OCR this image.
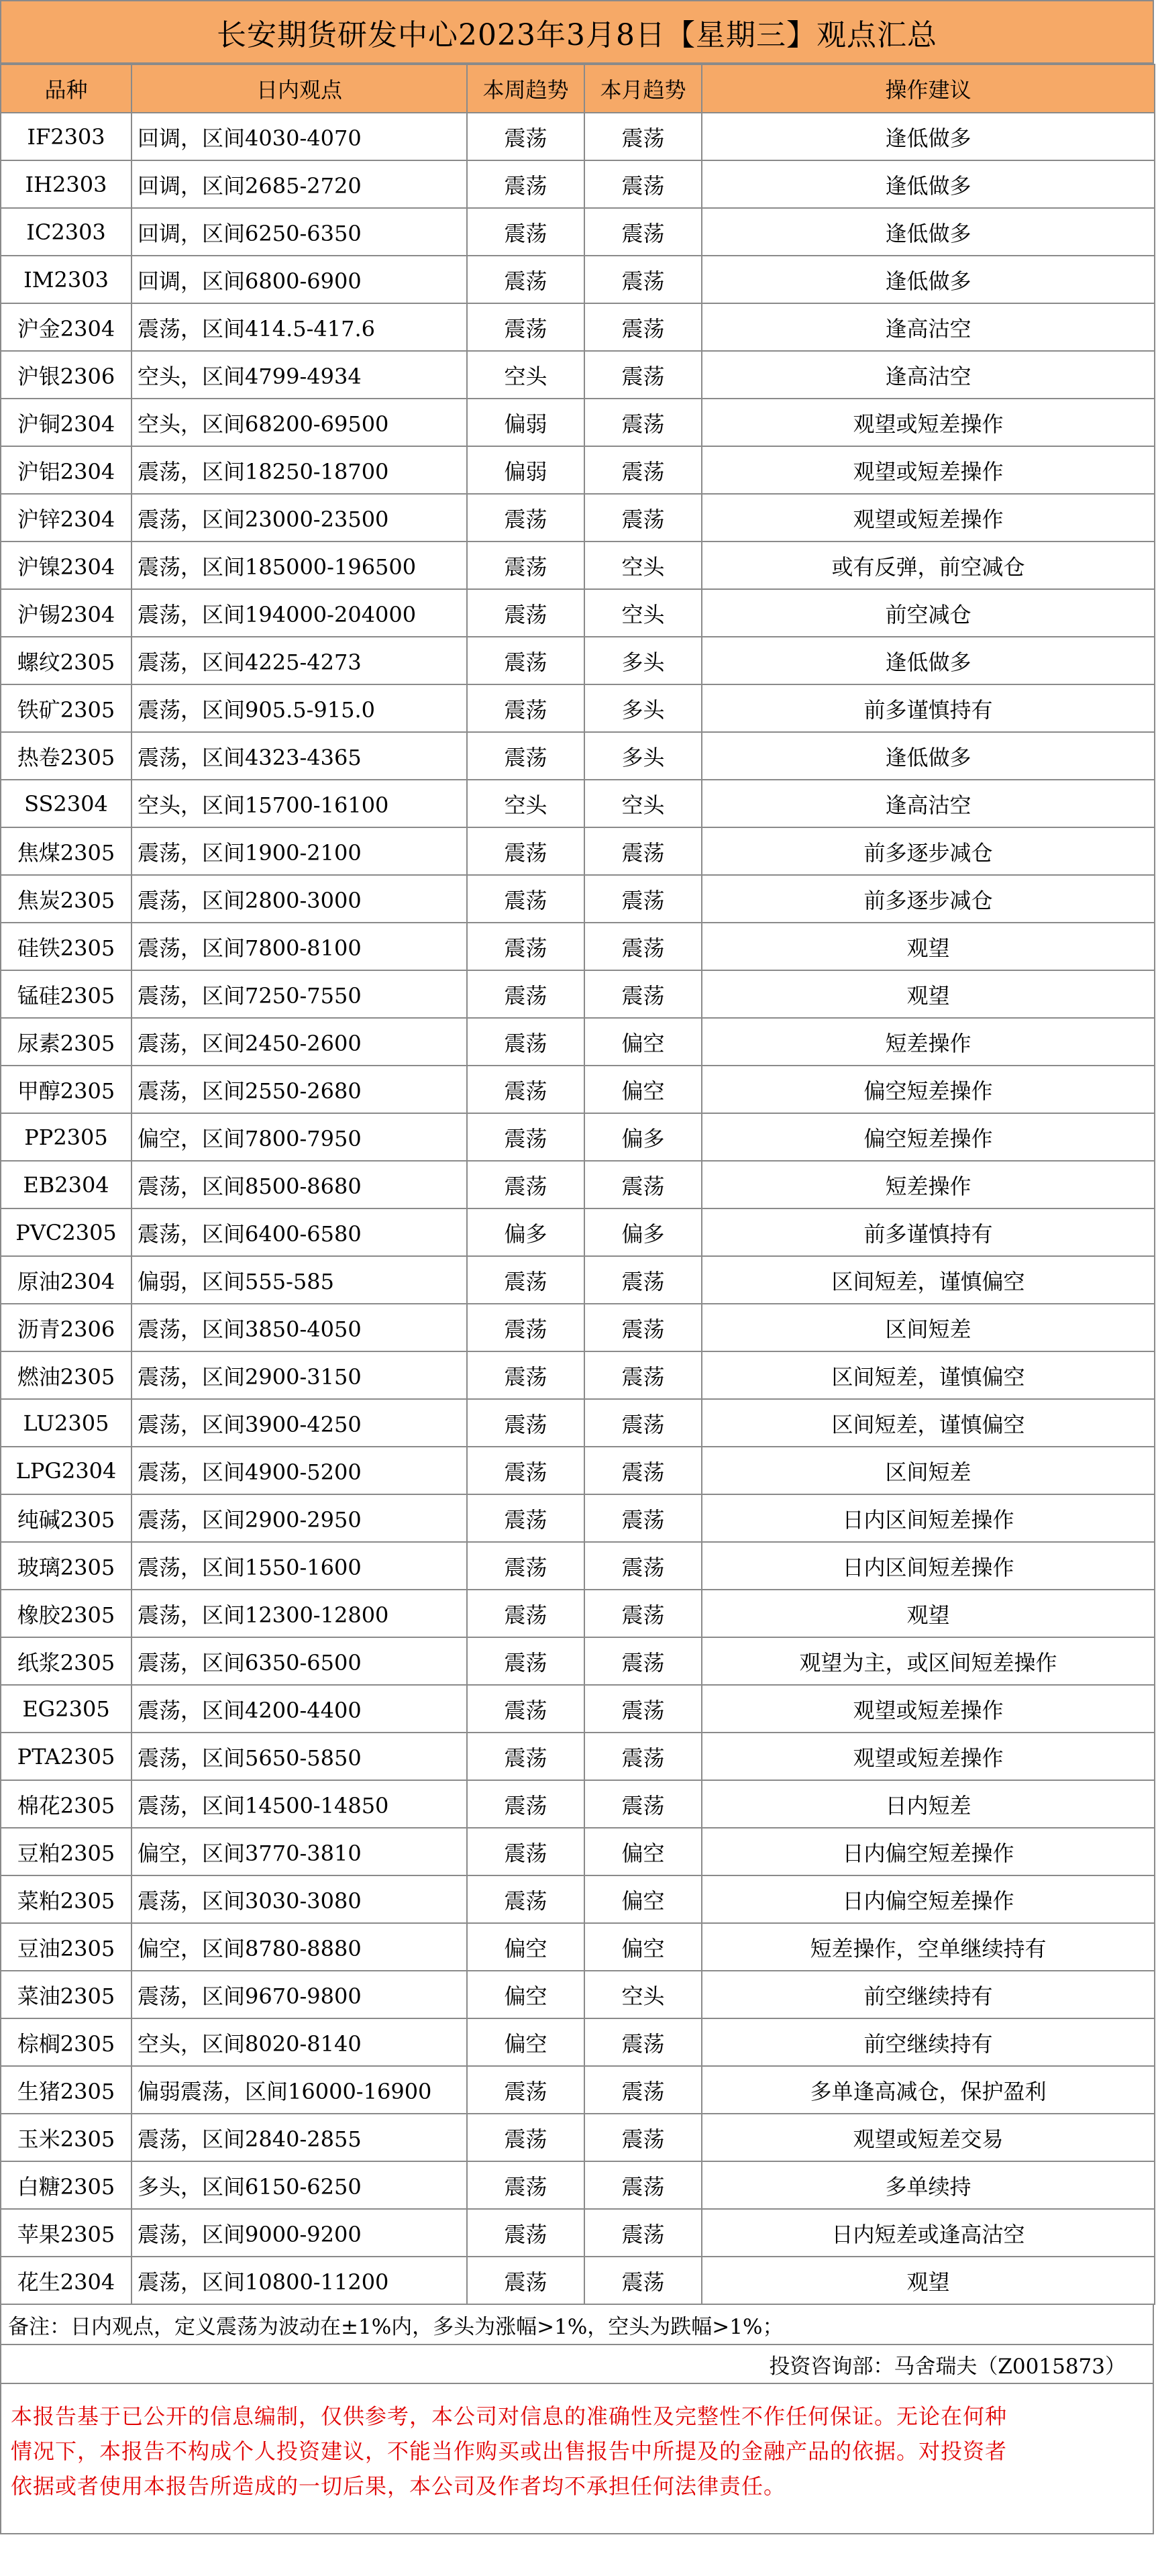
长安期货研发中心2023年3月8日【星期三】观点汇总
品种	日内观点	本周趋势	本月趋势	操作建议
IF2303	回调，区间4030-4070	震荡	震荡	逢低做多
IH2303	回调，区间2685-2720	震荡	震荡	逢低做多
IC2303	回调，区间6250-6350	震荡	震荡	逢低做多
IM2303	回调，区间6800-6900	震荡	震荡	逢低做多
沪金2304	震荡，区间414.5-417.6	震荡	震荡	逢高沽空
沪银2306	空头，区间4799-4934	空头	震荡	逢高沽空
沪铜2304	空头，区间68200-69500	偏弱	震荡	观望或短差操作
沪铝2304	震荡，区间18250-18700	偏弱	震荡	观望或短差操作
沪锌2304	震荡，区间23000-23500	震荡	震荡	观望或短差操作
沪镍2304	震荡，区间185000-196500	震荡	空头	或有反弹，前空减仓
沪锡2304	震荡，区间194000-204000	震荡	空头	前空减仓
螺纹2305	震荡，区间4225-4273	震荡	多头	逢低做多
铁矿2305	震荡，区间905.5-915.0	震荡	多头	前多谨慎持有
热卷2305	震荡，区间4323-4365	震荡	多头	逢低做多
SS2304	空头，区间15700-16100	空头	空头	逢高沽空
焦煤2305	震荡，区间1900-2100	震荡	震荡	前多逐步减仓
焦炭2305	震荡，区间2800-3000	震荡	震荡	前多逐步减仓
硅铁2305	震荡，区间7800-8100	震荡	震荡	观望
锰硅2305	震荡，区间7250-7550	震荡	震荡	观望
尿素2305	震荡，区间2450-2600	震荡	偏空	短差操作
甲醇2305	震荡，区间2550-2680	震荡	偏空	偏空短差操作
PP2305	偏空，区间7800-7950	震荡	偏多	偏空短差操作
EB2304	震荡，区间8500-8680	震荡	震荡	短差操作
PVC2305	震荡，区间6400-6580	偏多	偏多	前多谨慎持有
原油2304	偏弱，区间555-585	震荡	震荡	区间短差，谨慎偏空
沥青2306	震荡，区间3850-4050	震荡	震荡	区间短差
燃油2305	震荡，区间2900-3150	震荡	震荡	区间短差，谨慎偏空
LU2305	震荡，区间3900-4250	震荡	震荡	区间短差，谨慎偏空
LPG2304	震荡，区间4900-5200	震荡	震荡	区间短差
纯碱2305	震荡，区间2900-2950	震荡	震荡	日内区间短差操作
玻璃2305	震荡，区间1550-1600	震荡	震荡	日内区间短差操作
橡胶2305	震荡，区间12300-12800	震荡	震荡	观望
纸浆2305	震荡，区间6350-6500	震荡	震荡	观望为主，或区间短差操作
EG2305	震荡，区间4200-4400	震荡	震荡	观望或短差操作
PTA2305	震荡，区间5650-5850	震荡	震荡	观望或短差操作
棉花2305	震荡，区间14500-14850	震荡	震荡	日内短差
豆粕2305	偏空，区间3770-3810	震荡	偏空	日内偏空短差操作
菜粕2305	震荡，区间3030-3080	震荡	偏空	日内偏空短差操作
豆油2305	偏空，区间8780-8880	偏空	偏空	短差操作，空单继续持有
菜油2305	震荡，区间9670-9800	偏空	空头	前空继续持有
棕榈2305	空头，区间8020-8140	偏空	震荡	前空继续持有
生猪2305	偏弱震荡，区间16000-16900	震荡	震荡	多单逢高减仓，保护盈利
玉米2305	震荡，区间2840-2855	震荡	震荡	观望或短差交易
白糖2305	多头，区间6150-6250	震荡	震荡	多单续持
苹果2305	震荡，区间9000-9200	震荡	震荡	日内短差或逢高沽空
花生2304	震荡，区间10800-11200	震荡	震荡	观望
备注：日内观点，定义震荡为波动在±1%内，多头为涨幅>1%，空头为跌幅>1%；
投资咨询部：马舍瑞夫（Z0015873）
本报告基于已公开的信息编制，仅供参考，本公司对信息的准确性及完整性不作任何保证。无论在何种
情况下，本报告不构成个人投资建议，不能当作购买或出售报告中所提及的金融产品的依据。对投资者
依据或者使用本报告所造成的一切后果，本公司及作者均不承担任何法律责任。
